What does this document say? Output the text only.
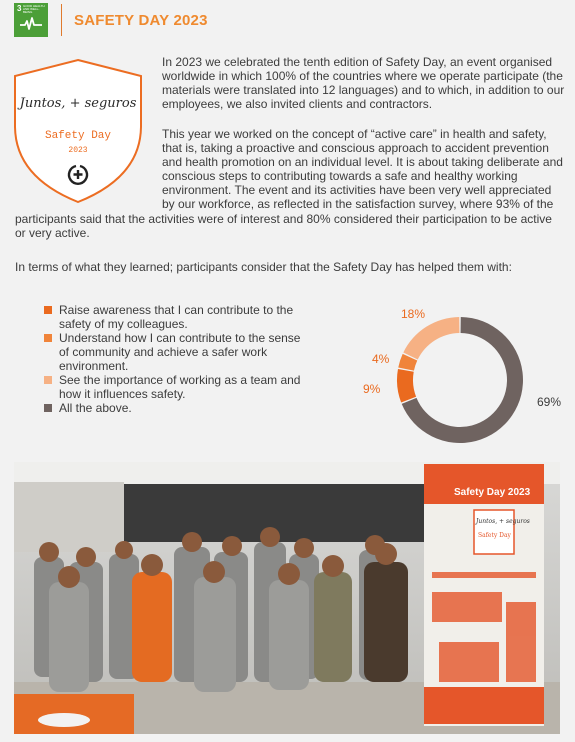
3 GOOD HEALTH AND WELL-BEING	SAFETY DAY 2023
Juntos, + seguros
Safety Day
2023

In 2023 we celebrated the tenth edition of Safety Day, an event organised worldwide in which 100% of the countries where we operate participate (the materials were translated into 12 languages) and to which, in addition to our employees, we also invited clients and contractors.

This year we worked on the concept of “active care” in health and safety, that is, taking a proactive and conscious approach to accident prevention and health promotion on an individual level. It is about taking deliberate and conscious steps to contributing towards a safe and healthy working environment. The event and its activities have been very well appreciated by our workforce, as reflected in the satisfaction survey, where 93% of the

participants said that the activities were of interest and 80% considered their participation to be active or very active.

In terms of what they learned; participants consider that the Safety Day has helped them with:

Raise awareness that I can contribute to the safety of my colleagues.
Understand how I can contribute to the sense of community and achieve a safer work environment.
See the importance of working as a team and how it influences safety.
All the above.
9%
4%
18%
69%
Safety Day 2023
Juntos, + seguros
Safety Day
